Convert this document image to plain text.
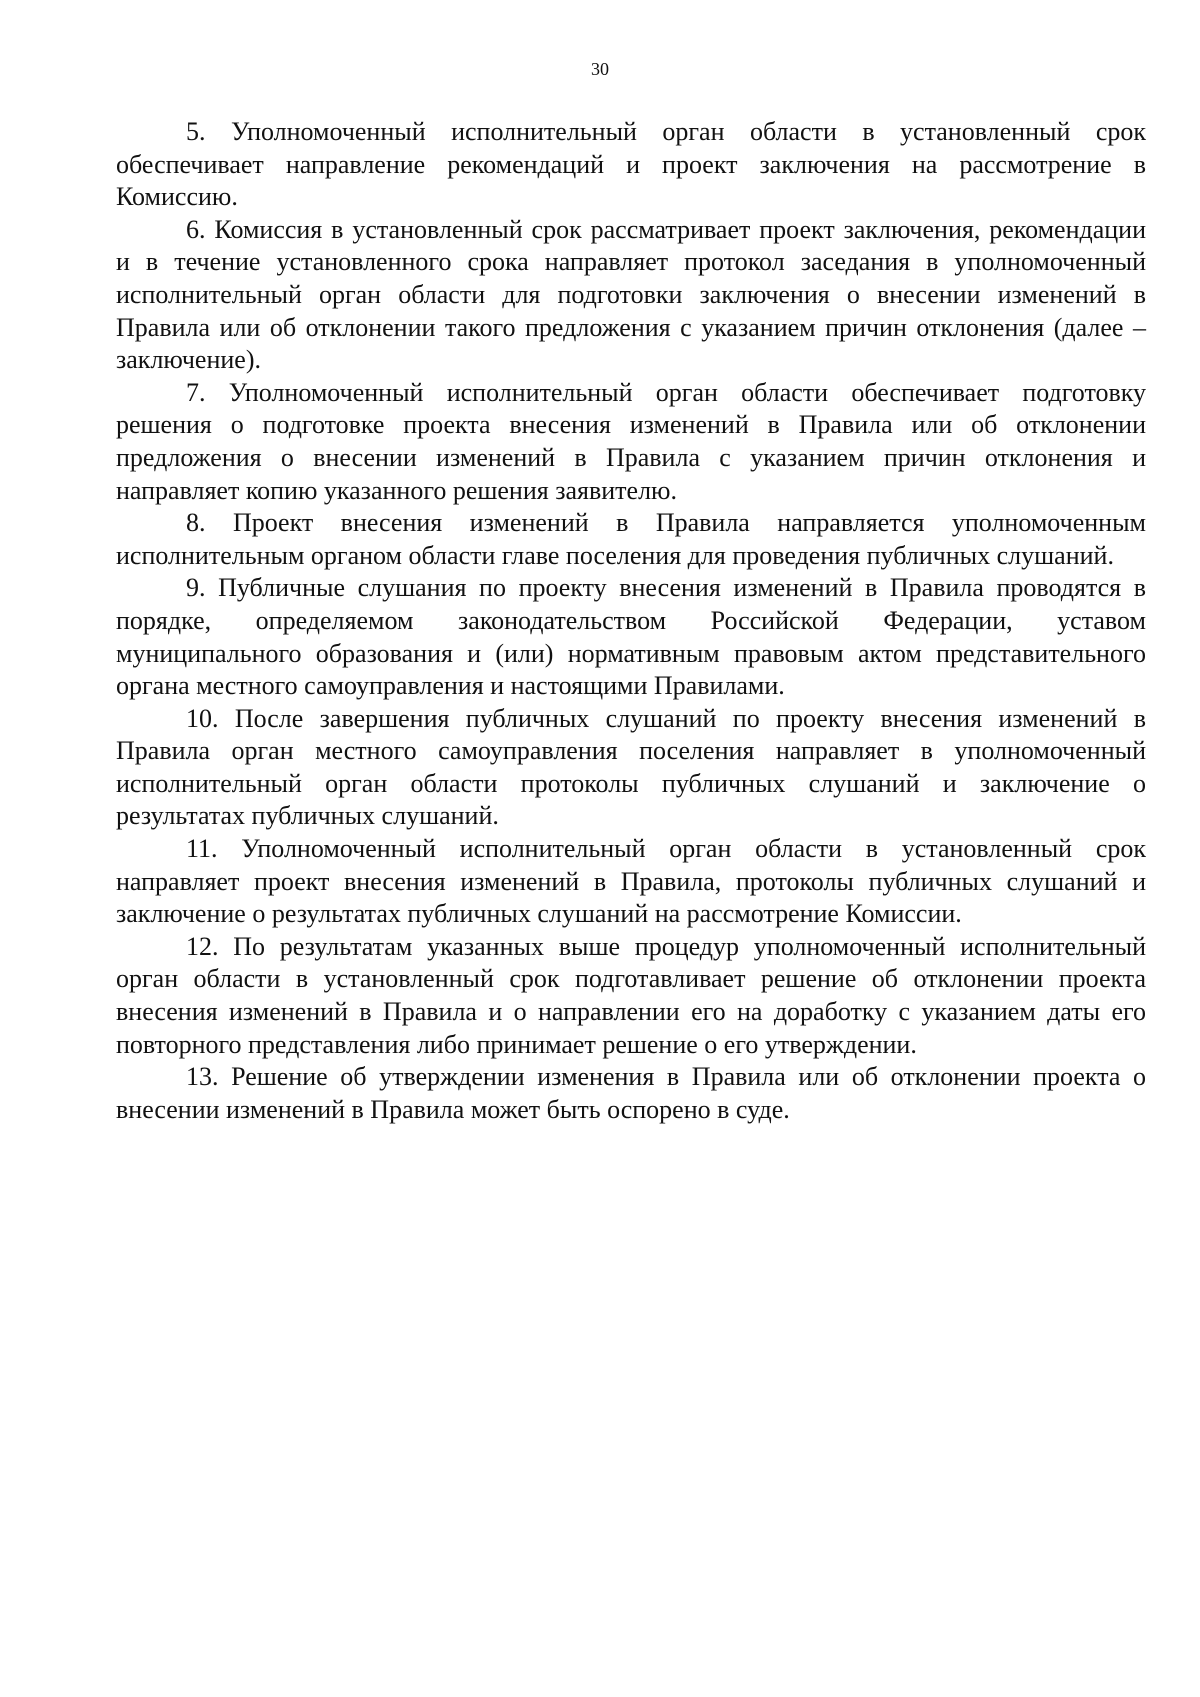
30

5. Уполномоченный исполнительный орган области в установленный срок обеспечивает направление рекомендаций и проект заключения на рассмотрение в Комиссию.

6. Комиссия в установленный срок рассматривает проект заключения, рекомендации и в течение установленного срока направляет протокол заседания в уполномоченный исполнительный орган области для подготовки заключения о внесении изменений в Правила или об отклонении такого предложения с указанием причин отклонения (далее – заключение).

7. Уполномоченный исполнительный орган области обеспечивает подготовку решения о подготовке проекта внесения изменений в Правила или об отклонении предложения о внесении изменений в Правила с указанием причин отклонения и направляет копию указанного решения заявителю.

8. Проект внесения изменений в Правила направляется уполномоченным исполнительным органом области главе поселения для проведения публичных слушаний.

9. Публичные слушания по проекту внесения изменений в Правила проводятся в порядке, определяемом законодательством Российской Федерации, уставом муниципального образования и (или) нормативным правовым актом представительного органа местного самоуправления и настоящими Правилами.

10. После завершения публичных слушаний по проекту внесения изменений в Правила орган местного самоуправления поселения направляет в уполномоченный исполнительный орган области протоколы публичных слушаний и заключение о результатах публичных слушаний.

11. Уполномоченный исполнительный орган области в установленный срок направляет проект внесения изменений в Правила, протоколы публичных слушаний и заключение о результатах публичных слушаний на рассмотрение Комиссии.

12. По результатам указанных выше процедур уполномоченный исполнительный орган области в установленный срок подготавливает решение об отклонении проекта внесения изменений в Правила и о направлении его на доработку с указанием даты его повторного представления либо принимает решение о его утверждении.

13. Решение об утверждении изменения в Правила или об отклонении проекта о внесении изменений в Правила может быть оспорено в суде.
